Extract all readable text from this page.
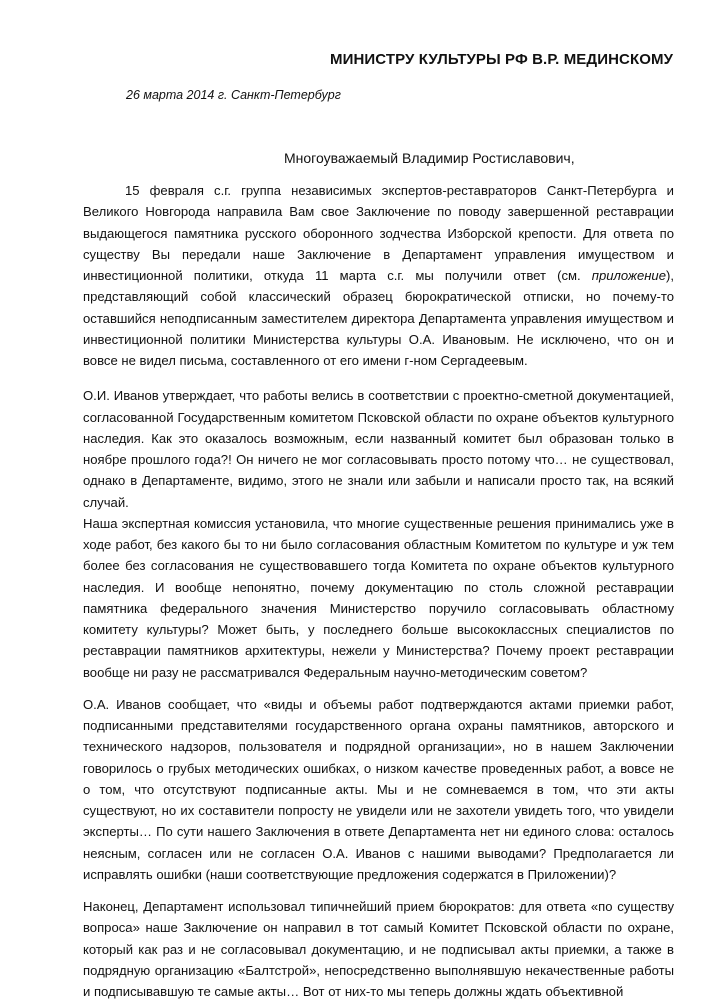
МИНИСТРУ КУЛЬТУРЫ РФ В.Р. МЕДИНСКОМУ
26 марта 2014 г. Санкт-Петербург
Многоуважаемый Владимир Ростиславович,

15 февраля с.г. группа независимых экспертов-реставраторов Санкт-Петербурга и Великого Новгорода направила Вам свое Заключение по поводу завершенной реставрации выдающегося памятника русского оборонного зодчества Изборской крепости. Для ответа по существу Вы передали наше Заключение в Департамент управления имуществом и инвестиционной политики, откуда 11 марта с.г. мы получили ответ (см. приложение), представляющий собой классический образец бюрократической отписки, но почему-то оставшийся неподписанным заместителем директора Департамента управления имуществом и инвестиционной политики Министерства культуры О.А. Ивановым. Не исключено, что он и вовсе не видел письма, составленного от его имени г-ном Сергадеевым.

О.И. Иванов утверждает, что работы велись в соответствии с проектно-сметной документацией, согласованной Государственным комитетом Псковской области по охране объектов культурного наследия. Как это оказалось возможным, если названный комитет был образован только в ноябре прошлого года?! Он ничего не мог согласовывать просто потому что… не существовал, однако в Департаменте, видимо, этого не знали или забыли и написали просто так, на всякий случай.

Наша экспертная комиссия установила, что многие существенные решения принимались уже в ходе работ, без какого бы то ни было согласования областным Комитетом по культуре и уж тем более без согласования не существовавшего тогда Комитета по охране объектов культурного наследия. И вообще непонятно, почему документацию по столь сложной реставрации памятника федерального значения Министерство поручило согласовывать областному комитету культуры? Может быть, у последнего больше высококлассных специалистов по реставрации памятников архитектуры, нежели у Министерства? Почему проект реставрации вообще ни разу не рассматривался Федеральным научно-методическим советом?

О.А. Иванов сообщает, что «виды и объемы работ подтверждаются актами приемки работ, подписанными представителями государственного органа охраны памятников, авторского и технического надзоров, пользователя и подрядной организации», но в нашем Заключении говорилось о грубых методических ошибках, о низком качестве проведенных работ, а вовсе не о том, что отсутствуют подписанные акты. Мы и не сомневаемся в том, что эти акты существуют, но их составители попросту не увидели или не захотели увидеть того, что увидели эксперты… По сути нашего Заключения в ответе Департамента нет ни единого слова: осталось неясным, согласен или не согласен О.А. Иванов с нашими выводами? Предполагается ли исправлять ошибки (наши соответствующие предложения содержатся в Приложении)?

Наконец, Департамент использовал типичнейший прием бюрократов: для ответа «по существу вопроса» наше Заключение он направил в тот самый Комитет Псковской области по охране, который как раз и не согласовывал документацию, и не подписывал акты приемки, а также в подрядную организацию «Балтстрой», непосредственно выполнявшую некачественные работы и подписывавшую те самые акты… Вот от них-то мы теперь должны ждать объективной
